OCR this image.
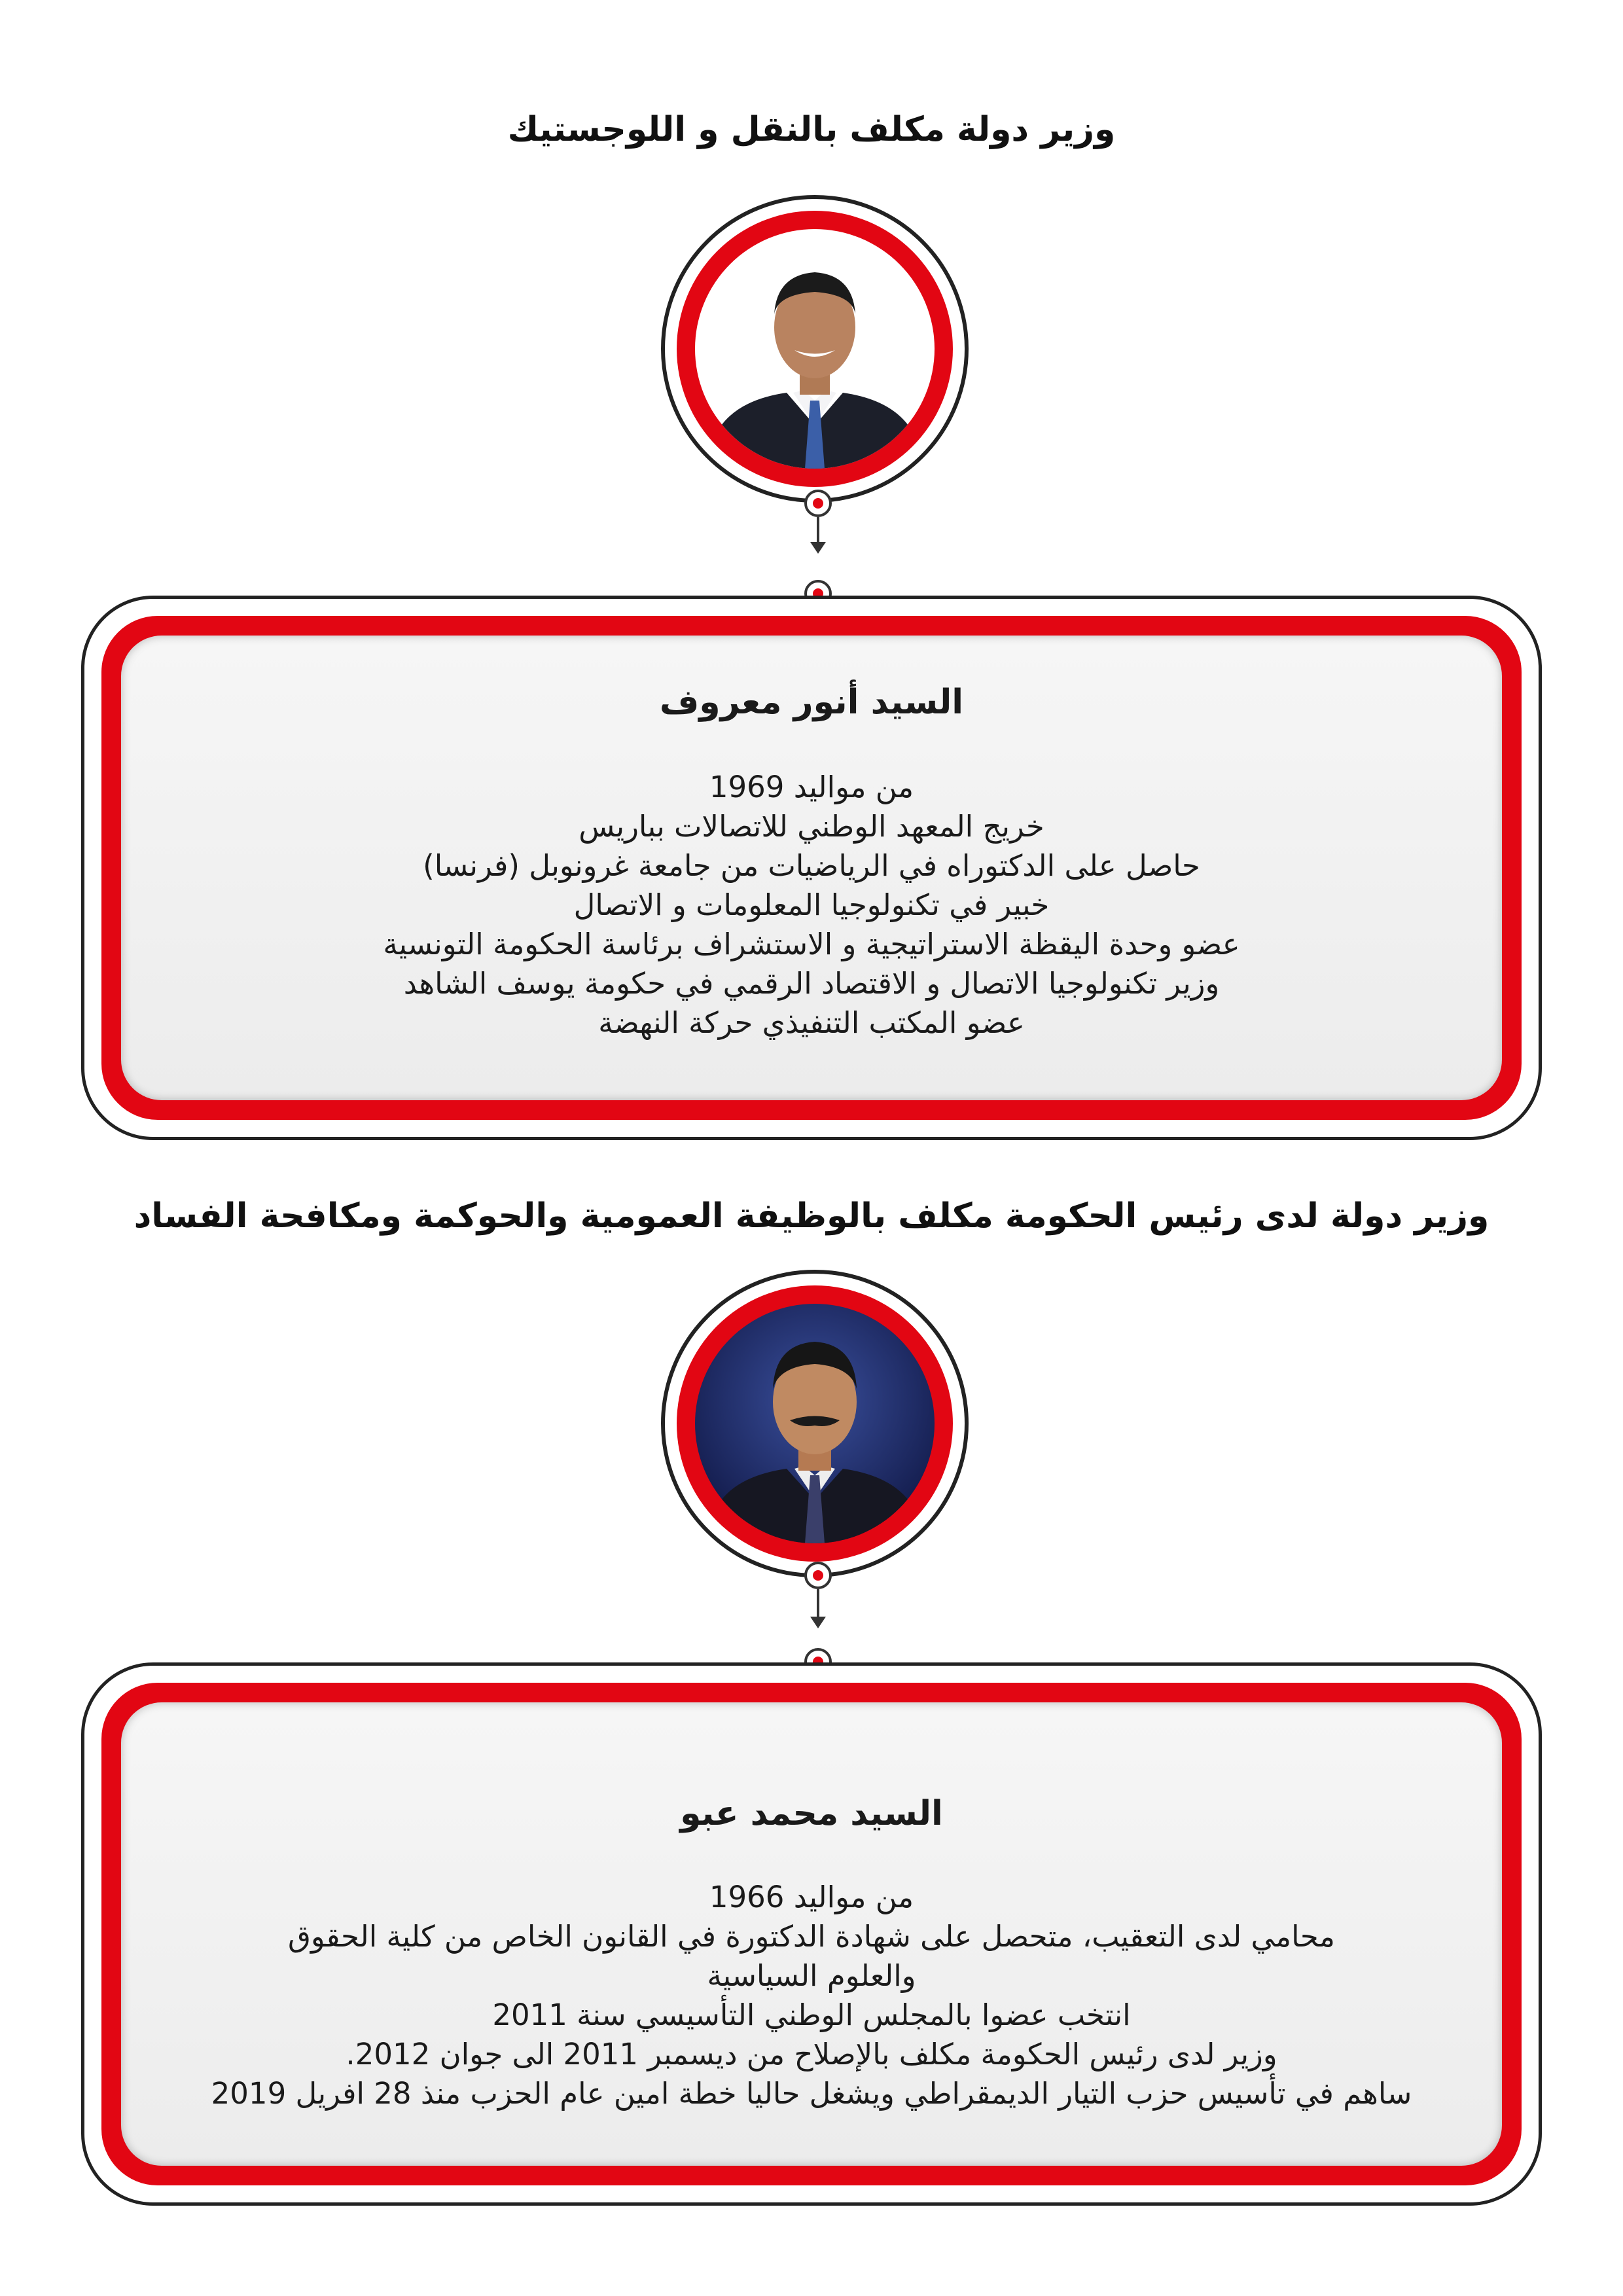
وزير دولة مكلف بالنقل و اللوجستيك

السيد أنور معروف

من مواليد 1969
خريج المعهد الوطني للاتصالات بباريس
حاصل على الدكتوراه في الرياضيات من جامعة غرونوبل (فرنسا)
خبير في تكنولوجيا المعلومات و الاتصال
عضو وحدة اليقظة الاستراتيجية و الاستشراف برئاسة الحكومة التونسية
وزير تكنولوجيا الاتصال و الاقتصاد الرقمي في حكومة يوسف الشاهد
عضو المكتب التنفيذي حركة النهضة
وزير دولة لدى رئيس الحكومة مكلف بالوظيفة العمومية والحوكمة ومكافحة الفساد

السيد محمد عبو

من مواليد 1966
محامي لدى التعقيب، متحصل على شهادة الدكتورة في القانون الخاص من كلية الحقوق
والعلوم السياسية
انتخب عضوا بالمجلس الوطني التأسيسي سنة 2011
وزير لدى رئيس الحكومة مكلف بالإصلاح من ديسمبر 2011 الى جوان 2012.
ساهم في تأسيس حزب التيار الديمقراطي ويشغل حاليا خطة امين عام الحزب منذ 28 افريل 2019
